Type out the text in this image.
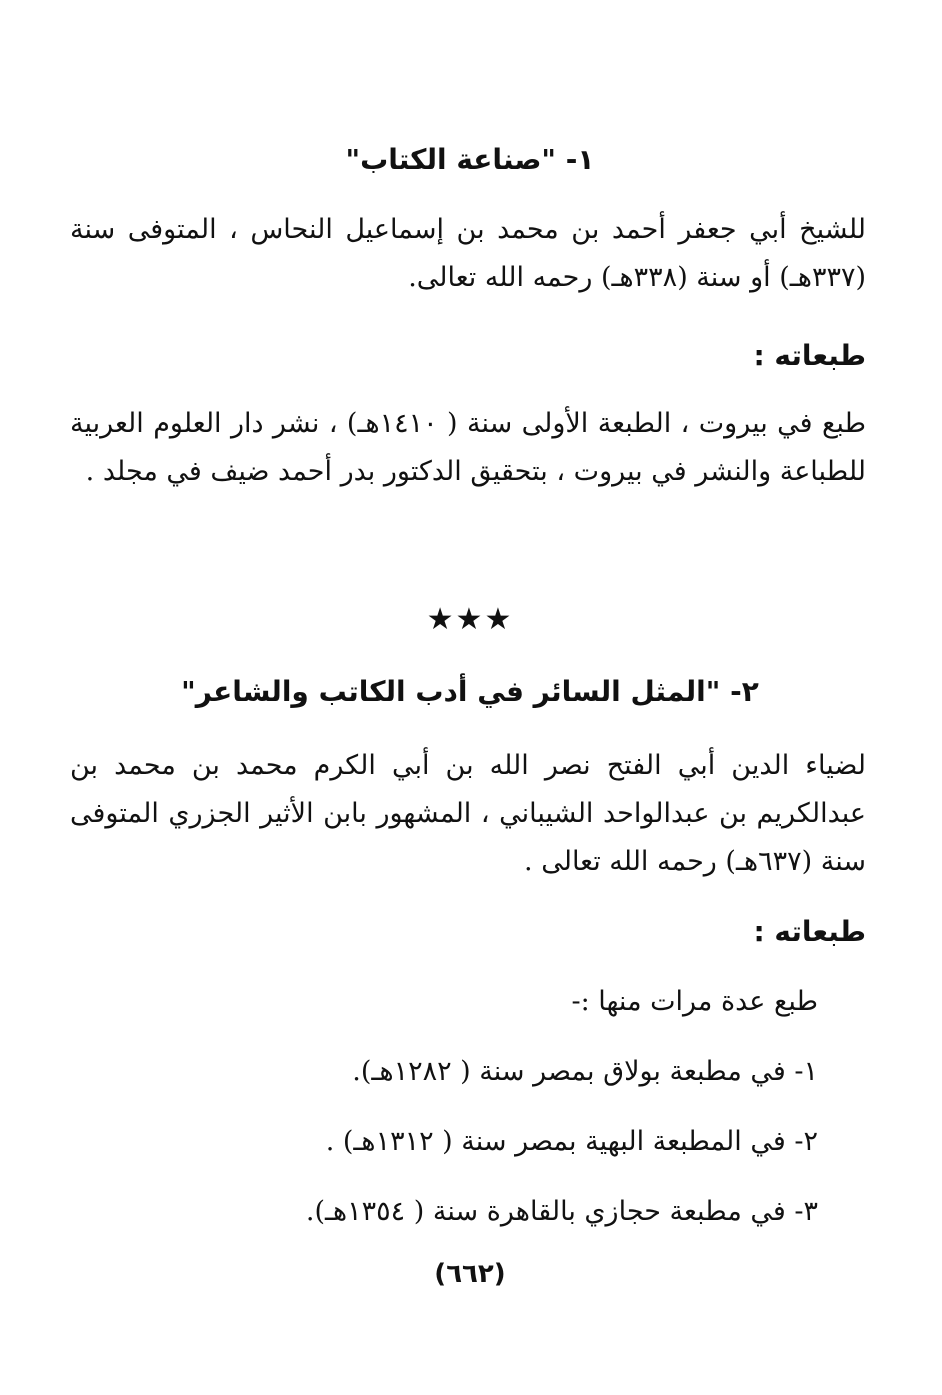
١- "صناعة الكتاب"
للشيخ أبي جعفر أحمد بن محمد بن إسماعيل النحاس ، المتوفى سنة (٣٣٧هـ) أو سنة (٣٣٨هـ) رحمه الله تعالى.
طبعاته :
طبع في بيروت ، الطبعة الأولى سنة ( ١٤١٠هـ) ، نشر دار العلوم العربية للطباعة والنشر في بيروت ، بتحقيق الدكتور بدر أحمد ضيف في مجلد .
★★★
٢- "المثل السائر في أدب الكاتب والشاعر"
لضياء الدين أبي الفتح نصر الله بن أبي الكرم محمد بن محمد بن عبدالكريم بن عبدالواحد الشيباني ، المشهور بابن الأثير الجزري المتوفى سنة (٦٣٧هـ) رحمه الله تعالى .
طبعاته :
طبع عدة مرات منها :-
١- في مطبعة بولاق بمصر سنة ( ١٢٨٢هـ).
٢- في المطبعة البهية بمصر سنة ( ١٣١٢هـ) .
٣- في مطبعة حجازي بالقاهرة سنة ( ١٣٥٤هـ).
(٦٦٢)
